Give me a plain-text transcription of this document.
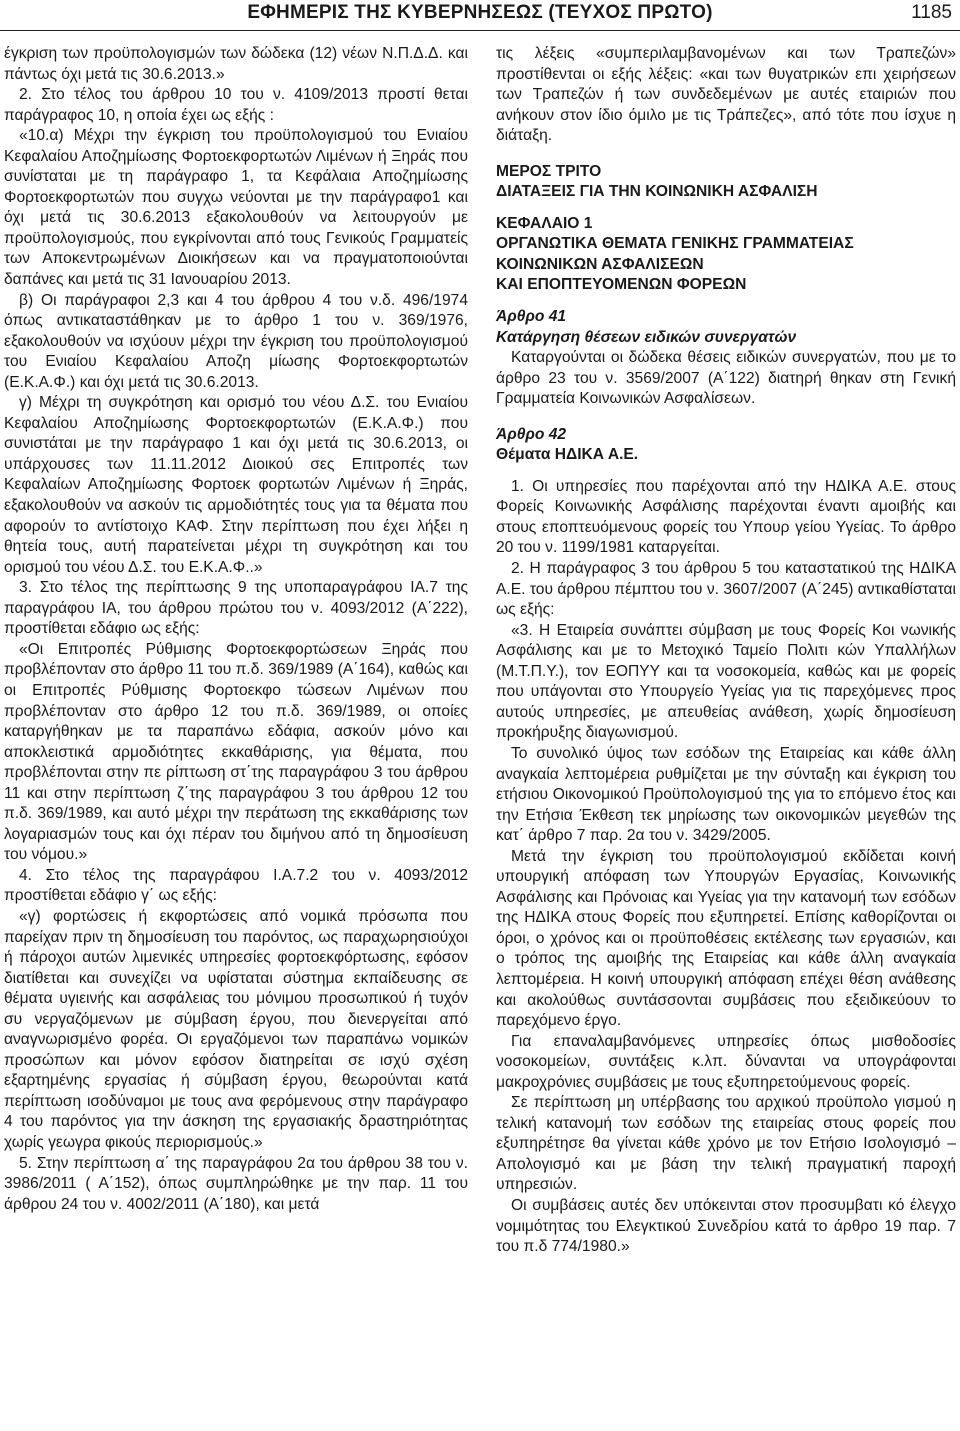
ΕΦΗΜΕΡΙΣ ΤΗΣ ΚΥΒΕΡΝΗΣΕΩΣ (ΤΕΥΧΟΣ ΠΡΩΤΟ)	1185

έγκριση των προϋπολογισμών των δώδεκα (12) νέων Ν.Π.Δ.Δ. και πάντως όχι μετά τις 30.6.2013.»

2. Στο τέλος του άρθρου 10 του ν. 4109/2013 προστί θεται παράγραφος 10, η οποία έχει ως εξής :

«10.α) Μέχρι την έγκριση του προϋπολογισμού του Ενιαίου Κεφαλαίου Αποζημίωσης Φορτοεκφορτωτών Λιμένων ή Ξηράς που συνίσταται με τη παράγραφο 1, τα Κεφάλαια Αποζημίωσης Φορτοεκφορτωτών που συγχω νεύονται με την παράγραφο1 και όχι μετά τις 30.6.2013 εξακολουθούν να λειτουργούν με προϋπολογισμούς, που εγκρίνονται από τους Γενικούς Γραμματείς των Αποκεντρωμένων Διοικήσεων και να πραγματοποιούνται δαπάνες και μετά τις 31 Ιανουαρίου 2013.

β) Οι παράγραφοι 2,3 και 4 του άρθρου 4 του ν.δ. 496/1974 όπως αντικαταστάθηκαν με το άρθρο 1 του ν. 369/1976, εξακολουθούν να ισχύουν μέχρι την έγκριση του προϋπολογισμού του Ενιαίου Κεφαλαίου Αποζη μίωσης Φορτοεκφορτωτών (Ε.Κ.Α.Φ.) και όχι μετά τις 30.6.2013.

γ) Μέχρι τη συγκρότηση και ορισμό του νέου Δ.Σ. του Ενιαίου Κεφαλαίου Αποζημίωσης Φορτοεκφορτωτών (Ε.Κ.Α.Φ.) που συνιστάται με την παράγραφο 1 και όχι μετά τις 30.6.2013, οι υπάρχουσες των 11.11.2012 Διοικού σες Επιτροπές των Κεφαλαίων Αποζημίωσης Φορτοεκ φορτωτών Λιμένων ή Ξηράς, εξακολουθούν να ασκούν τις αρμοδιότητές τους για τα θέματα που αφορούν το αντίστοιχο ΚΑΦ. Στην περίπτωση που έχει λήξει η θητεία τους, αυτή παρατείνεται μέχρι τη συγκρότηση και του ορισμού του νέου Δ.Σ. του Ε.Κ.Α.Φ..»

3. Στο τέλος της περίπτωσης 9 της υποπαραγράφου ΙΑ.7 της παραγράφου ΙΑ, του άρθρου πρώτου του ν. 4093/2012 (Α΄222), προστίθεται εδάφιο ως εξής:

«Οι Επιτροπές Ρύθμισης Φορτοεκφορτώσεων Ξηράς που προβλέπονταν στο άρθρο 11 του π.δ. 369/1989 (Α΄164), καθώς και οι Επιτροπές Ρύθμισης Φορτοεκφο τώσεων Λιμένων που προβλέπονταν στο άρθρο 12 του π.δ. 369/1989, οι οποίες καταργήθηκαν με τα παραπάνω εδάφια, ασκούν μόνο και αποκλειστικά αρμοδιότητες εκκαθάρισης, για θέματα, που προβλέπονται στην πε ρίπτωση στ΄της παραγράφου 3 του άρθρου 11 και στην περίπτωση ζ΄της παραγράφου 3 του άρθρου 12 του π.δ. 369/1989, και αυτό μέχρι την περάτωση της εκκαθάρισης των λογαριασμών τους και όχι πέραν του διμήνου από τη δημοσίευση του νόμου.»

4. Στο τέλος της παραγράφου Ι.Α.7.2 του ν. 4093/2012 προστίθεται εδάφιο γ΄ ως εξής:

«γ) φορτώσεις ή εκφορτώσεις από νομικά πρόσωπα που παρείχαν πριν τη δημοσίευση του παρόντος, ως παραχωρησιούχοι ή πάροχοι αυτών λιμενικές υπηρεσίες φορτοεκφόρτωσης, εφόσον διατίθεται και συνεχίζει να υφίσταται σύστημα εκπαίδευσης σε θέματα υγιεινής και ασφάλειας του μόνιμου προσωπικού ή τυχόν συ νεργαζόμενων με σύμβαση έργου, που διενεργείται από αναγνωρισμένο φορέα. Οι εργαζόμενοι των παραπάνω νομικών προσώπων και μόνον εφόσον διατηρείται σε ισχύ σχέση εξαρτημένης εργασίας ή σύμβαση έργου, θεωρούνται κατά περίπτωση ισοδύναμοι με τους ανα φερόμενους στην παράγραφο 4 του παρόντος για την άσκηση της εργασιακής δραστηριότητας χωρίς γεωγρα φικούς περιορισμούς.»

5. Στην περίπτωση α΄ της παραγράφου 2α του άρθρου 38 του ν. 3986/2011 ( Α΄152), όπως συμπληρώθηκε με την παρ. 11 του άρθρου 24 του ν. 4002/2011 (Α΄180), και μετά

τις λέξεις «συμπεριλαμβανομένων και των Τραπεζών» προστίθενται οι εξής λέξεις: «και των θυγατρικών επι χειρήσεων των Τραπεζών ή των συνδεδεμένων με αυτές εταιριών που ανήκουν στον ίδιο όμιλο με τις Τράπεζες», από τότε που ίσχυε η διάταξη.

ΜΕΡΟΣ ΤΡΙΤΟ

ΔΙΑΤΑΞΕΙΣ ΓΙΑ ΤΗΝ ΚΟΙΝΩΝΙΚΗ ΑΣΦΑΛΙΣΗ

ΚΕΦΑΛΑΙΟ 1

ΟΡΓΑΝΩΤΙΚΑ ΘΕΜΑΤΑ ΓΕΝΙΚΗΣ ΓΡΑΜΜΑΤΕΙΑΣ

ΚΟΙΝΩΝΙΚΩΝ ΑΣΦΑΛΙΣΕΩΝ

ΚΑΙ ΕΠΟΠΤΕΥΟΜΕΝΩΝ ΦΟΡΕΩΝ

Άρθρο 41

Κατάργηση θέσεων ειδικών συνεργατών

Καταργούνται οι δώδεκα θέσεις ειδικών συνεργατών, που με το άρθρο 23 του ν. 3569/2007 (Α΄122) διατηρή θηκαν στη Γενική Γραμματεία Κοινωνικών Ασφαλίσεων.

Άρθρο 42

Θέματα ΗΔΙΚΑ Α.Ε.

1. Οι υπηρεσίες που παρέχονται από την ΗΔΙΚΑ Α.Ε. στους Φορείς Κοινωνικής Ασφάλισης παρέχονται έναντι αμοιβής και στους εποπτευόμενους φορείς του Υπουρ γείου Υγείας. Το άρθρο 20 του ν. 1199/1981 καταργείται.

2. Η παράγραφος 3 του άρθρου 5 του καταστατικού της ΗΔΙΚΑ Α.Ε. του άρθρου πέμπτου του ν. 3607/2007 (Α΄245) αντικαθίσταται ως εξής:

«3. Η Εταιρεία συνάπτει σύμβαση με τους Φορείς Κοι νωνικής Ασφάλισης και με το Μετοχικό Ταμείο Πολιτι κών Υπαλλήλων (Μ.Τ.Π.Υ.), τον ΕΟΠΥΥ και τα νοσοκομεία, καθώς και με φορείς που υπάγονται στο Υπουργείο Υγείας για τις παρεχόμενες προς αυτούς υπηρεσίες, με απευθείας ανάθεση, χωρίς δημοσίευση προκήρυξης διαγωνισμού.

Το συνολικό ύψος των εσόδων της Εταιρείας και κάθε άλλη αναγκαία λεπτομέρεια ρυθμίζεται με την σύνταξη και έγκριση του ετήσιου Οικονομικού Προϋπολογισμού της για το επόμενο έτος και την Ετήσια Έκθεση τεκ μηρίωσης των οικονομικών μεγεθών της κατ΄ άρθρο 7 παρ. 2α του ν. 3429/2005.

Μετά την έγκριση του προϋπολογισμού εκδίδεται κοινή υπουργική απόφαση των Υπουργών Εργασίας, Κοινωνικής Ασφάλισης και Πρόνοιας και Υγείας για την κατανομή των εσόδων της ΗΔΙΚΑ στους Φορείς που εξυπηρετεί. Επίσης καθορίζονται οι όροι, ο χρόνος και οι προϋποθέσεις εκτέλεσης των εργασιών, και ο τρόπος της αμοιβής της Εταιρείας και κάθε άλλη αναγκαία λεπτομέρεια. Η κοινή υπουργική απόφαση επέχει θέση ανάθεσης και ακολούθως συντάσσονται συμβάσεις που εξειδικεύουν το παρεχόμενο έργο.

Για επαναλαμβανόμενες υπηρεσίες όπως μισθοδοσίες νοσοκομείων, συντάξεις κ.λπ. δύνανται να υπογράφονται μακροχρόνιες συμβάσεις με τους εξυπηρετούμενους φορείς.

Σε περίπτωση μη υπέρβασης του αρχικού προϋπολο γισμού η τελική κατανομή των εσόδων της εταιρείας στους φορείς που εξυπηρέτησε θα γίνεται κάθε χρόνο με τον Ετήσιο Ισολογισμό – Απολογισμό και με βάση την τελική πραγματική παροχή υπηρεσιών.

Οι συμβάσεις αυτές δεν υπόκεινται στον προσυμβατι κό έλεγχο νομιμότητας του Ελεγκτικού Συνεδρίου κατά το άρθρο 19 παρ. 7 του π.δ 774/1980.»
